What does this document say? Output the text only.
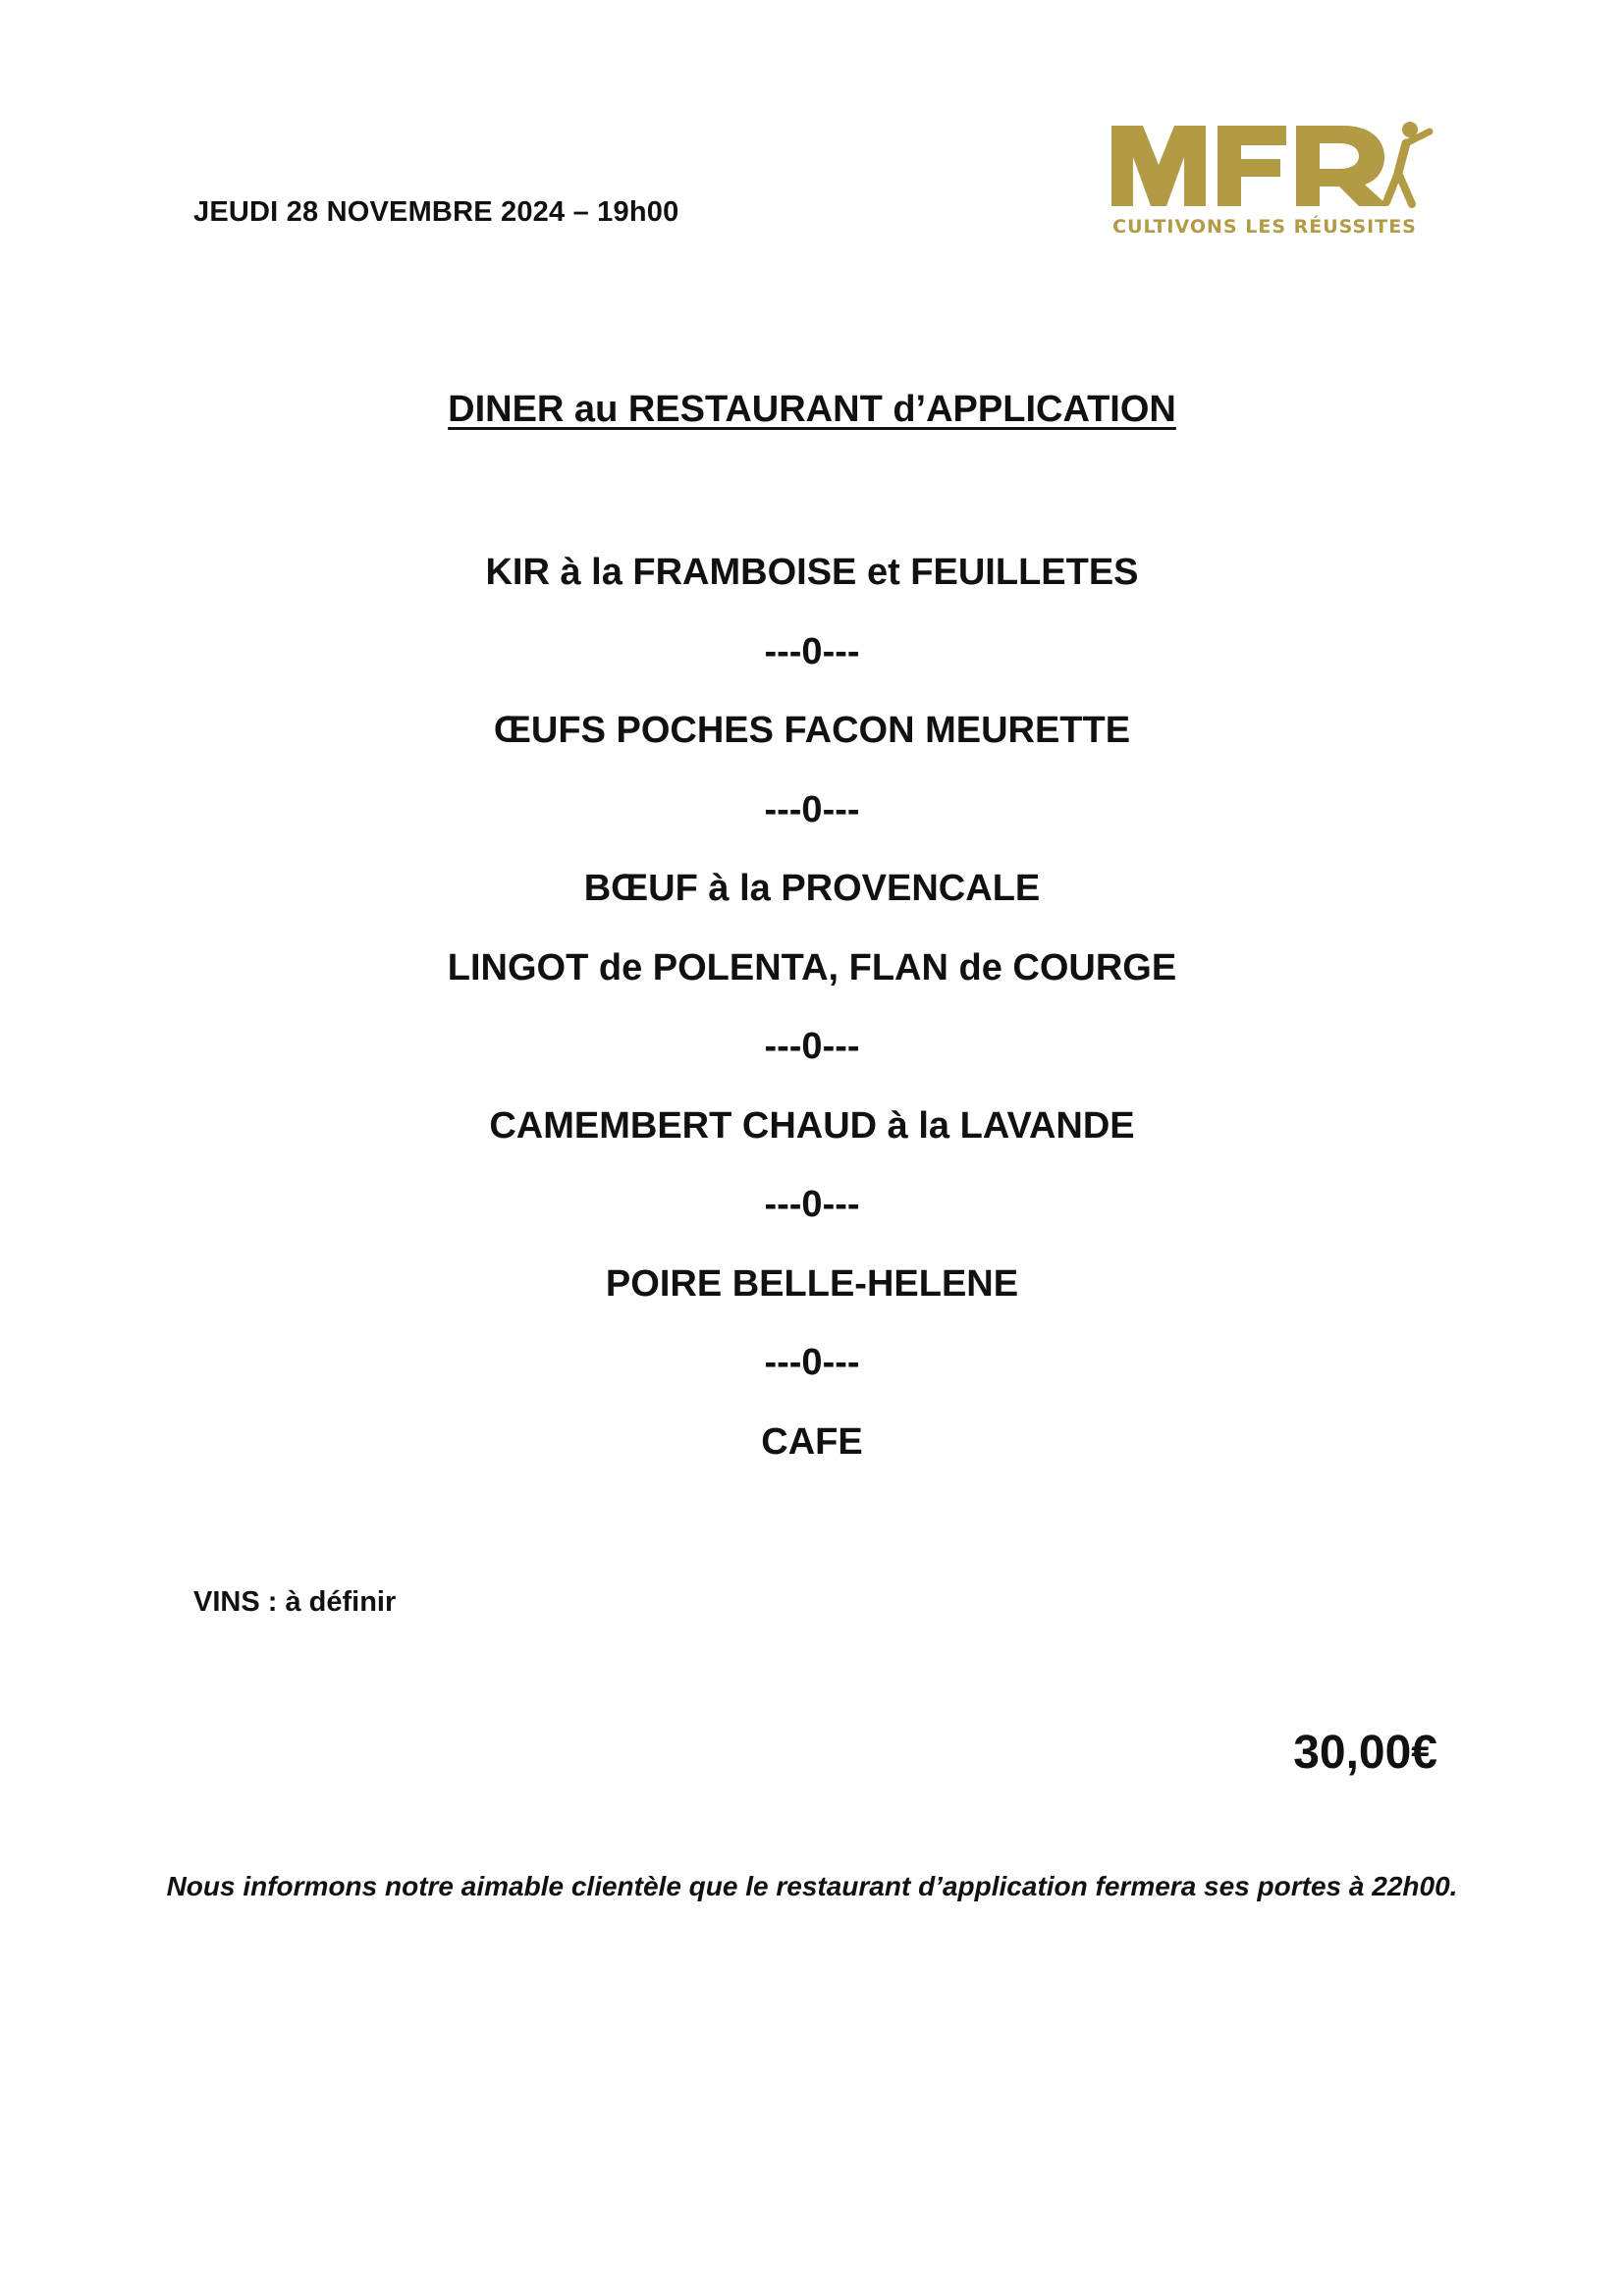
JEUDI 28 NOVEMBRE 2024 – 19h00	CULTIVONS LES RÉUSSITES
DINER au RESTAURANT d’APPLICATION
KIR à la FRAMBOISE et FEUILLETES
---0---
ŒUFS POCHES FACON MEURETTE
---0---
BŒUF à la PROVENCALE
LINGOT de POLENTA, FLAN de COURGE
---0---
CAMEMBERT CHAUD à la LAVANDE
---0---
POIRE BELLE-HELENE
---0---
CAFE
VINS : à définir
30,00€
Nous informons notre aimable clientèle que le restaurant d’application fermera ses portes à 22h00.
